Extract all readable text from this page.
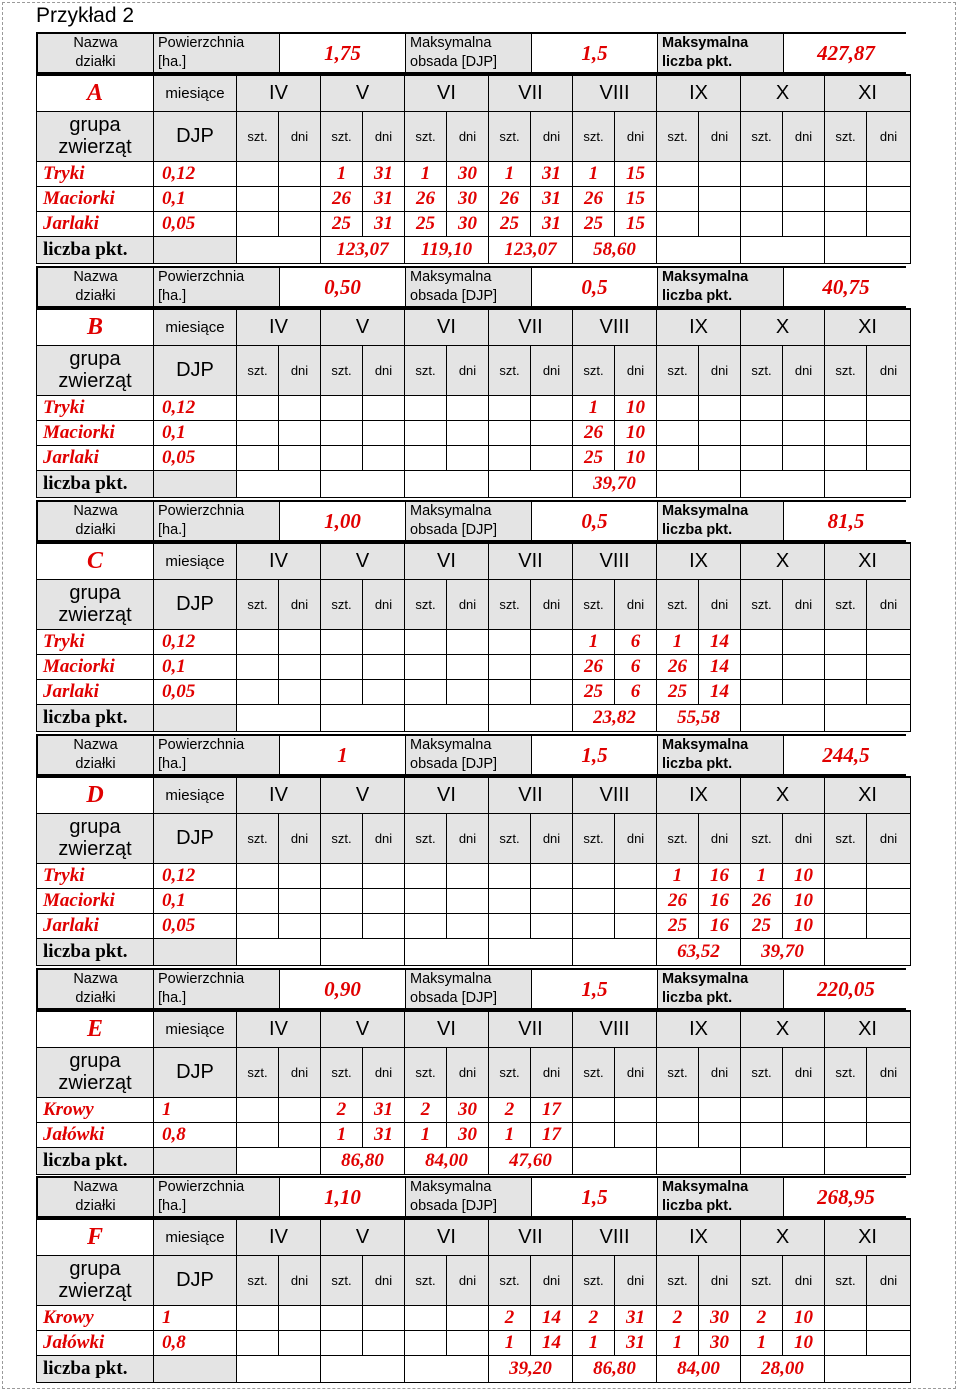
Przykład 2
Nazwa
działki
Powierzchnia
[ha.]	1,75	Maksymalna
obsada [DJP]	1,5	Maksymalna
liczba pkt.	427,87
A	miesiące	IV		V		VI		VII		VIII		IX		X		XI	
grupa
zwierząt	DJP	szt.	dni	szt.	dni	szt.	dni	szt.	dni	szt.	dni	szt.	dni	szt.	dni	szt.	dni
Tryki	0,12			1	31	1	30	1	31	1	15						
Maciorki	0,1			26	31	26	30	26	31	26	15						
Jarlaki	0,05			25	31	25	30	25	31	25	15						
liczba pkt.				123,07		119,10		123,07		58,60							
Nazwa
działki
Powierzchnia
[ha.]	0,50	Maksymalna
obsada [DJP]	0,5	Maksymalna
liczba pkt.	40,75
B	miesiące	IV		V		VI		VII		VIII		IX		X		XI	
grupa
zwierząt	DJP	szt.	dni	szt.	dni	szt.	dni	szt.	dni	szt.	dni	szt.	dni	szt.	dni	szt.	dni
Tryki	0,12									1	10						
Maciorki	0,1									26	10						
Jarlaki	0,05									25	10						
liczba pkt.										39,70							
Nazwa
działki
Powierzchnia
[ha.]	1,00	Maksymalna
obsada [DJP]	0,5	Maksymalna
liczba pkt.	81,5
C	miesiące	IV		V		VI		VII		VIII		IX		X		XI	
grupa
zwierząt	DJP	szt.	dni	szt.	dni	szt.	dni	szt.	dni	szt.	dni	szt.	dni	szt.	dni	szt.	dni
Tryki	0,12									1	6	1	14				
Maciorki	0,1									26	6	26	14				
Jarlaki	0,05									25	6	25	14				
liczba pkt.										23,82		55,58					
Nazwa
działki
Powierzchnia
[ha.]	1	Maksymalna
obsada [DJP]	1,5	Maksymalna
liczba pkt.	244,5
D	miesiące	IV		V		VI		VII		VIII		IX		X		XI	
grupa
zwierząt	DJP	szt.	dni	szt.	dni	szt.	dni	szt.	dni	szt.	dni	szt.	dni	szt.	dni	szt.	dni
Tryki	0,12											1	16	1	10		
Maciorki	0,1											26	16	26	10		
Jarlaki	0,05											25	16	25	10		
liczba pkt.												63,52		39,70			
Nazwa
działki
Powierzchnia
[ha.]	0,90	Maksymalna
obsada [DJP]	1,5	Maksymalna
liczba pkt.	220,05
E	miesiące	IV		V		VI		VII		VIII		IX		X		XI	
grupa
zwierząt	DJP	szt.	dni	szt.	dni	szt.	dni	szt.	dni	szt.	dni	szt.	dni	szt.	dni	szt.	dni
Krowy	1			2	31	2	30	2	17								
Jałówki	0,8			1	31	1	30	1	17								
liczba pkt.				86,80		84,00		47,60									
Nazwa
działki
Powierzchnia
[ha.]	1,10	Maksymalna
obsada [DJP]	1,5	Maksymalna
liczba pkt.	268,95
F	miesiące	IV		V		VI		VII		VIII		IX		X		XI	
grupa
zwierząt	DJP	szt.	dni	szt.	dni	szt.	dni	szt.	dni	szt.	dni	szt.	dni	szt.	dni	szt.	dni
Krowy	1							2	14	2	31	2	30	2	10		
Jałówki	0,8							1	14	1	31	1	30	1	10		
liczba pkt.								39,20		86,80		84,00		28,00			
